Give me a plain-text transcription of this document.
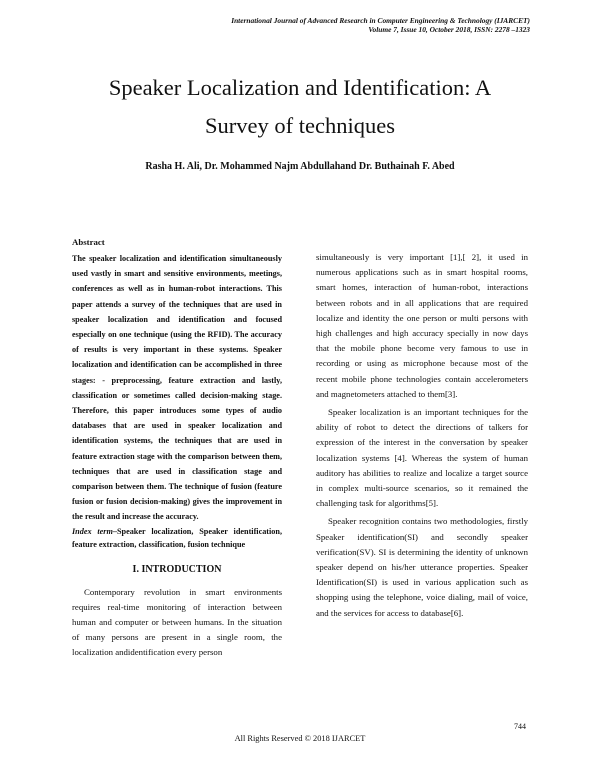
International Journal of Advanced Research in Computer Engineering & Technology (IJARCET)
Volume 7, Issue 10, October 2018, ISSN: 2278 –1323
Speaker Localization and Identification: A
Survey of techniques
Rasha H. Ali, Dr. Mohammed Najm Abdullahand Dr. Buthainah F. Abed
Abstract

The speaker localization and identification simultaneously used vastly in smart and sensitive environments, meetings, conferences as well as in human-robot interactions. This paper attends a survey of the techniques that are used in speaker localization and identification and focused especially on one technique (using the RFID). The accuracy of results is very important in these systems. Speaker localization and identification can be accomplished in three stages: - preprocessing, feature extraction and lastly, classification or sometimes called decision-making stage. Therefore, this paper introduces some types of audio databases that are used in speaker localization and identification systems, the techniques that are used in feature extraction stage with the comparison between them, techniques that are used in classification stage and comparison between them. The technique of fusion (feature fusion or fusion decision-making) gives the improvement in the result and increase the accuracy.

Index term–Speaker localization, Speaker identification, feature extraction, classification, fusion technique

I. INTRODUCTION

Contemporary revolution in smart environments requires real-time monitoring of interaction between human and computer or between humans. In the situation of many persons are present in a single room, the localization andidentification every person

simultaneously is very important [1],[ 2], it used in numerous applications such as in smart hospital rooms, smart homes, interaction of human-robot, interactions between robots and in all applications that are required localize and identity the one person or multi persons with high challenges and high accuracy specially in now days that the mobile phone become very famous to use in recording or using as microphone because most of the recent mobile phone technologies contain accelerometers and magnetometers attached to them[3].

Speaker localization is an important techniques for the ability of robot to detect the directions of talkers for expression of the interest in the conversation by speaker localization systems [4]. Whereas the system of human auditory has abilities to realize and localize a target source in complex multi-source scenarios, so it remained the challenging task for algorithms[5].

Speaker recognition contains two methodologies, firstly Speaker identification(SI) and secondly speaker verification(SV). SI is determining the identity of unknown speaker depend on his/her utterance properties. Speaker Identification(SI) is used in various application such as shopping using the telephone, voice dialing, mail of voice, and the services for access to database[6].

744
All Rights Reserved © 2018 IJARCET
